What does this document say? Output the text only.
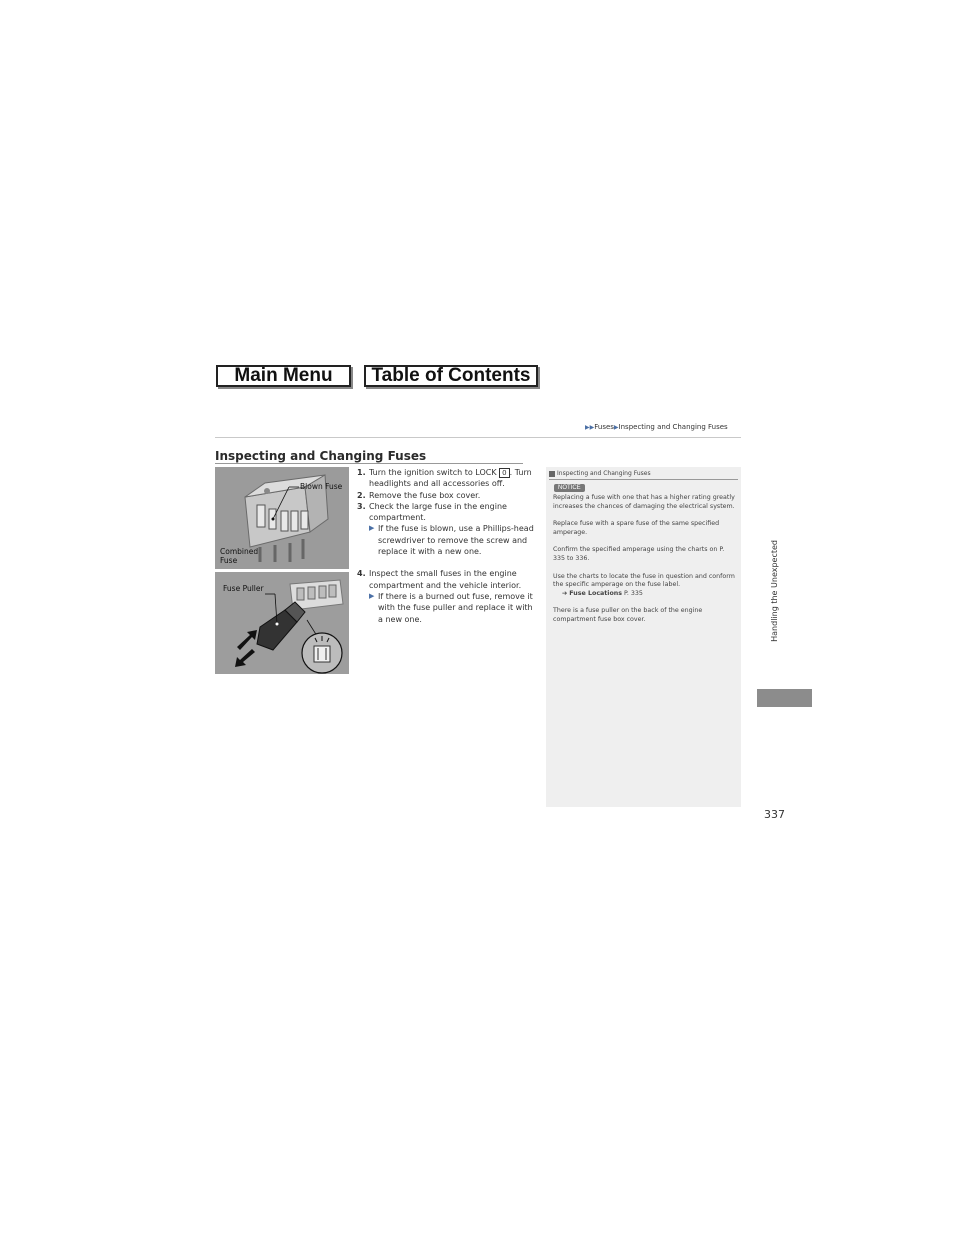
Main Menu	Table of Contents
▶▶Fuses▶Inspecting and Changing Fuses
Inspecting and Changing Fuses
Blown Fuse
Combined
Fuse
Fuse Puller
1. Turn the ignition switch to LOCK 0 . Turn headlights and all accessories off.
2. Remove the fuse box cover.
3. Check the large fuse in the engine compartment.
▶ If the fuse is blown, use a Phillips-head screwdriver to remove the screw and replace it with a new one.
4. Inspect the small fuses in the engine compartment and the vehicle interior.
▶ If there is a burned out fuse, remove it with the fuse puller and replace it with a new one.
Inspecting and Changing Fuses
NOTICE

Replacing a fuse with one that has a higher rating greatly increases the chances of damaging the electrical system.

Replace fuse with a spare fuse of the same specified amperage.

Confirm the specified amperage using the charts on P. 335 to 336.

Use the charts to locate the fuse in question and conform the specific amperage on the fuse label.

➔ Fuse Locations P. 335

There is a fuse puller on the back of the engine compartment fuse box cover.

337
Handling the Unexpected
